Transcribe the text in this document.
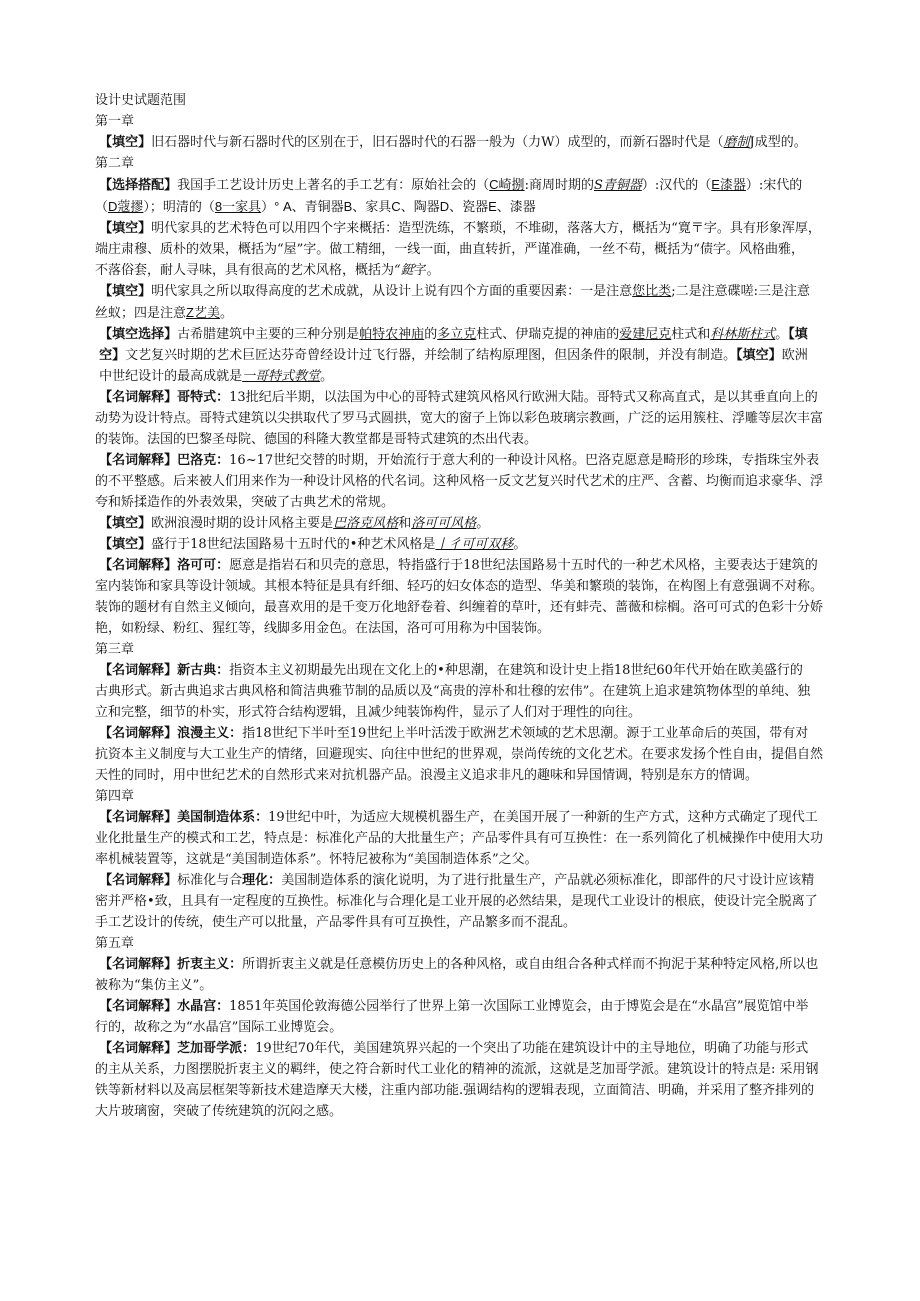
设计史试题范围
第一章
【填空】旧石器时代与新石器时代的区别在于，旧石器时代的石器一般为（力W）成型的，而新石器时代是（磨制J成型的。
第二章
【选择搭配】我国手工艺设计历史上著名的手工艺有：原始社会的（C崎捌:商周时期的S青铜器）:汉代的（E漆器）:宋代的
（D蔻摎）；明清的（8一家具）° A、青铜器B、家具C、陶器D、瓷器E、漆器
【填空】明代家具的艺术特色可以用四个字来概括：造型洗练，不繁琐，不堆砌，落落大方，概括为“寛〒字。具有形象浑厚，
端庄肃穆、质朴的效果，概括为“屋”字。做工精细，一线一面，曲直转折，严谨准确，一丝不苟，概括为“债字。风格曲雅，
不落俗套，耐人寻味，具有很高的艺术风格，概括为“鋌字。
【填空】明代家具之所以取得高度的艺术成就，从设计上说有四个方面的重要因素：一是注意您比类;二是注意碟嗟:三是注意
丝蚁；四是注意Z艺美。
【填空选择】古希腊建筑中主要的三种分别是帕特农神庙的多立克柱式、伊瑞克提的神庙的爱建尼克柱式和科林斯柱式。【填
空】文艺复兴时期的艺术巨匠达芬奇曾经设计过飞行器，并绘制了结构原理图，但因条件的限制，并没有制造。【填空】欧洲
中世纪设计的最高成就是一哥特式教堂。
【名词解释】哥特式：13批纪后半期，以法国为中心的哥特式建筑风格风行欧洲大陆。哥特式又称高直式，是以其垂直向上的
动势为设计特点。哥特式建筑以尖拱取代了罗马式圆拱，宽大的窗子上饰以彩色玻璃宗教画，广泛的运用簇柱、浮雕等层次丰富
的装饰。法国的巴黎圣母院、德国的科隆大教堂都是哥特式建筑的杰出代表。
【名词解释】巴洛克：16~17世纪交替的时期，开始流行于意大利的一种设计风格。巴洛克愿意是畸形的珍珠，专指珠宝外表
的不平整感。后来被人们用来作为一种设计风格的代名词。这种风格一反文艺复兴时代艺术的庄严、含蓄、均衡而追求豪华、浮
夸和矫揉造作的外表效果，突破了古典艺术的常规。
【填空】欧洲浪漫时期的设计风格主要是巴洛克风格和洛可可风格。
【填空】盛行于18世纪法国路易十五时代的•种艺术风格是丨彳可可双移。
【名词解释】洛可可：愿意是指岩石和贝壳的意思，特指盛行于18世纪法国路易十五时代的一种艺术风格，主要表达于建筑的
室内装饰和家具等设计领域。其根本特征是具有纤细、轻巧的妇女体态的造型、华美和繁琐的装饰，在构图上有意强调不对称。
装饰的题材有自然主义倾向，最喜欢用的是千变万化地舒卷着、纠缠着的草叶，还有蚌壳、蔷薇和棕榈。洛可可式的色彩十分娇
艳，如粉绿、粉红、猩红等，线脚多用金色。在法国，洛可可用称为中国装饰。
第三章
【名词解释】新古典：指资本主义初期最先出现在文化上的•种思潮，在建筑和设计史上指18世纪60年代开始在欧美盛行的
古典形式。新古典追求古典风格和简洁典雅节制的品质以及“高贵的淳朴和壮穆的宏伟”。在建筑上追求建筑物体型的单纯、独
立和完整，细节的朴实，形式符合结构逻辑，且减少纯装饰构件，显示了人们对于理性的向往。
【名词解释】浪漫主义：指18世纪下半叶至19世纪上半叶活泼于欧洲艺术领域的艺术思潮。源于工业革命后的英国，带有对
抗资本主义制度与大工业生产的情绪，回避现实、向往中世纪的世界观，崇尚传统的文化艺术。在要求发扬个性自由，提倡自然
天性的同时，用中世纪艺术的自然形式来对抗机器产品。浪漫主义追求非凡的趣味和异国情调，特别是东方的情调。
第四章
【名词解释】美国制造体系：19世纪中叶，为适应大规模机器生产，在美国开展了一种新的生产方式，这种方式确定了现代工
业化批量生产的模式和工艺，特点是：标准化产品的大批量生产；产品零件具有可互换性：在一系列简化了机械操作中使用大功
率机械装置等，这就是“美国制造体系”。怀特尼被称为“美国制造体系”之父。
【名词解释】标准化与合理化：美国制造体系的演化说明，为了进行批量生产，产品就必须标准化，即部件的尺寸设计应该精
密并严格•致，且具有一定程度的互换性。标准化与合理化是工业开展的必然结果，是现代工业设计的根底，使设计完全脱离了
手工艺设计的传统，使生产可以批量，产品零件具有可互换性，产品繁多而不混乱。
第五章
【名词解释】折衷主义：所谓折衷主义就是任意模仿历史上的各种风格，或自由组合各种式样而不拘泥于某种特定风格,所以也
被称为“集仿主义”。
【名词解释】水晶宫：1851年英国伦敦海德公园举行了世界上第一次国际工业博览会，由于博览会是在“水晶宫”展览馆中举
行的，故称之为“水晶宫”国际工业博览会。
【名词解释】芝加哥学派：19世纪70年代，美国建筑界兴起的一个突出了功能在建筑设计中的主导地位，明确了功能与形式
的主从关系，力图摆脱折衷主义的羁绊，使之符合新时代工业化的精神的流派，这就是芝加哥学派。建筑设计的特点是: 采用钢
铁等新材料以及高层框架等新技术建造摩天大楼，注重内部功能.强调结构的逻辑表现，立面简洁、明确，并采用了整齐排列的
大片玻璃窗，突破了传统建筑的沉闷之感。
